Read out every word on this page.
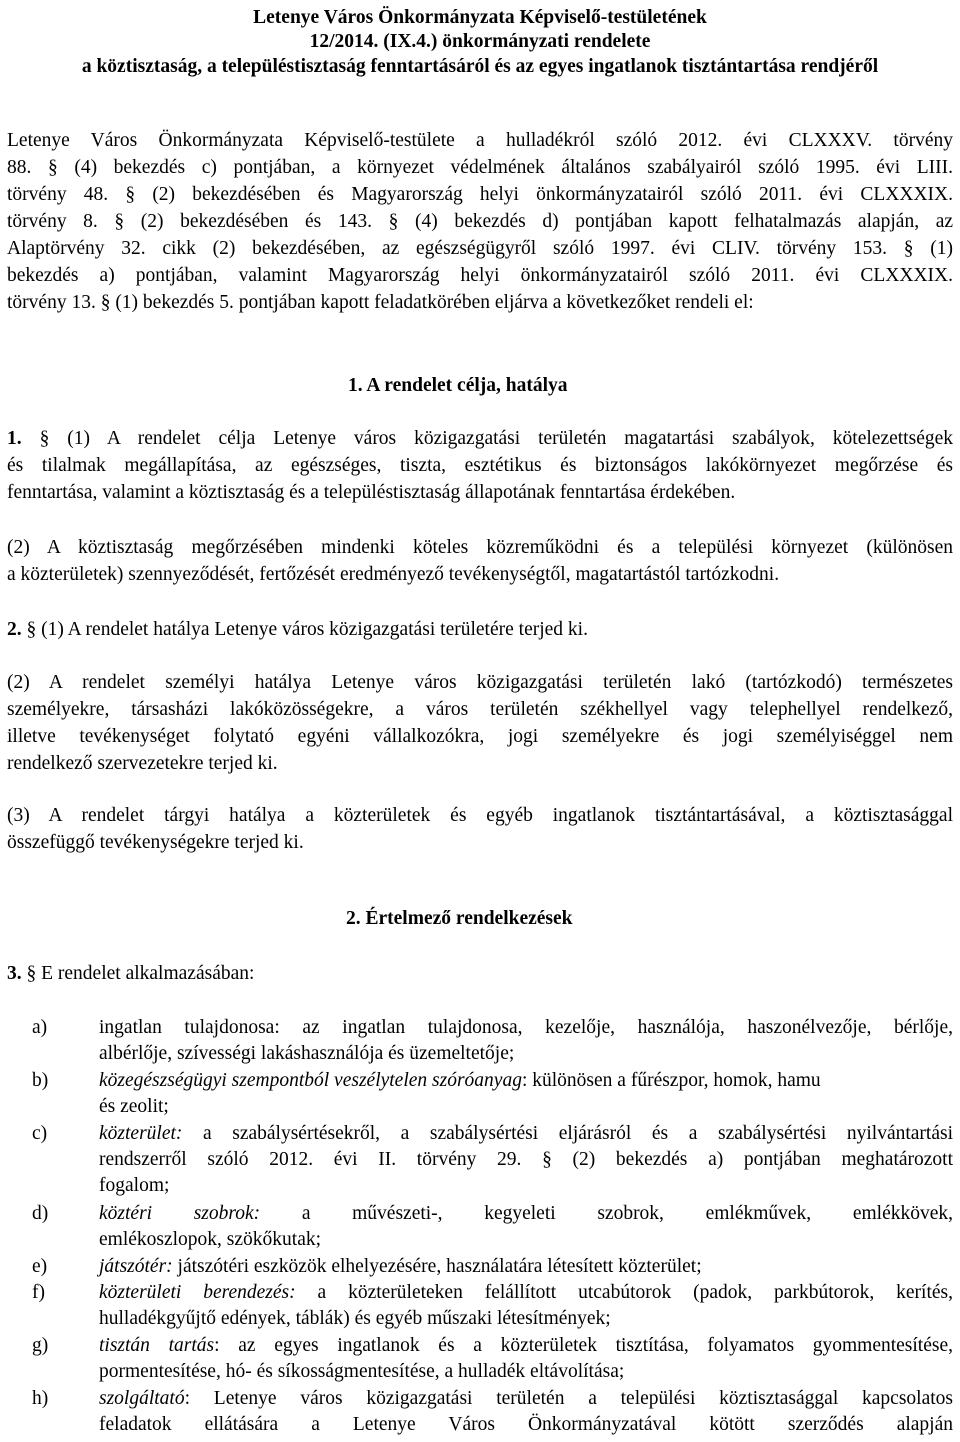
Letenye Város Önkormányzata Képviselő-testületének
12/2014. (IX.4.) önkormányzati rendelete
a köztisztaság, a településtisztaság fenntartásáról és az egyes ingatlanok tisztántartása rendjéről
Letenye Város Önkormányzata Képviselő-testülete a hulladékról szóló 2012. évi CLXXXV. törvény
88. § (4) bekezdés c) pontjában, a környezet védelmének általános szabályairól szóló 1995. évi LIII.
törvény 48. § (2) bekezdésében és Magyarország helyi önkormányzatairól szóló 2011. évi CLXXXIX.
törvény 8. § (2) bekezdésében és 143. § (4) bekezdés d) pontjában kapott felhatalmazás alapján, az
Alaptörvény 32. cikk (2) bekezdésében, az egészségügyről szóló 1997. évi CLIV. törvény 153. § (1)
bekezdés a) pontjában, valamint Magyarország helyi önkormányzatairól szóló 2011. évi CLXXXIX.
törvény 13. § (1) bekezdés 5. pontjában kapott feladatkörében eljárva a következőket rendeli el:
1. A rendelet célja, hatálya
1. § (1) A rendelet célja Letenye város közigazgatási területén magatartási szabályok, kötelezettségek
és tilalmak megállapítása, az egészséges, tiszta, esztétikus és biztonságos lakókörnyezet megőrzése és
fenntartása, valamint a köztisztaság és a településtisztaság állapotának fenntartása érdekében.
(2) A köztisztaság megőrzésében mindenki köteles közreműködni és a települési környezet (különösen
a közterületek) szennyeződését, fertőzését eredményező tevékenységtől, magatartástól tartózkodni.
2. § (1) A rendelet hatálya Letenye város közigazgatási területére terjed ki.
(2) A rendelet személyi hatálya Letenye város közigazgatási területén lakó (tartózkodó) természetes
személyekre, társasházi lakóközösségekre, a város területén székhellyel vagy telephellyel rendelkező,
illetve tevékenységet folytató egyéni vállalkozókra, jogi személyekre és jogi személyiséggel nem
rendelkező szervezetekre terjed ki.
(3) A rendelet tárgyi hatálya a közterületek és egyéb ingatlanok tisztántartásával, a köztisztasággal
összefüggő tevékenységekre terjed ki.
2. Értelmező rendelkezések
3. § E rendelet alkalmazásában:
a)	ingatlan tulajdonosa: az ingatlan tulajdonosa, kezelője, használója, haszonélvezője, bérlője,
albérlője, szívességi lakáshasználója és üzemeltetője;
b)	közegészségügyi szempontból veszélytelen szóróanyag: különösen a fűrészpor, homok, hamu
és zeolit;
c)	közterület: a szabálysértésekről, a szabálysértési eljárásról és a szabálysértési nyilvántartási
rendszerről szóló 2012. évi II. törvény 29. § (2) bekezdés a) pontjában meghatározott
fogalom;
d)	köztéri szobrok: a művészeti-, kegyeleti szobrok, emlékművek, emlékkövek,
emlékoszlopok, szökőkutak;
e)	játszótér: játszótéri eszközök elhelyezésére, használatára létesített közterület;
f)	közterületi berendezés: a közterületeken felállított utcabútorok (padok, parkbútorok, kerítés,
hulladékgyűjtő edények, táblák) és egyéb műszaki létesítmények;
g)	tisztán tartás: az egyes ingatlanok és a közterületek tisztítása, folyamatos gyommentesítése,
pormentesítése, hó- és síkosságmentesítése, a hulladék eltávolítása;
h)	szolgáltató: Letenye város közigazgatási területén a települési köztisztasággal kapcsolatos
feladatok ellátására a Letenye Város Önkormányzatával kötött szerződés alapján
